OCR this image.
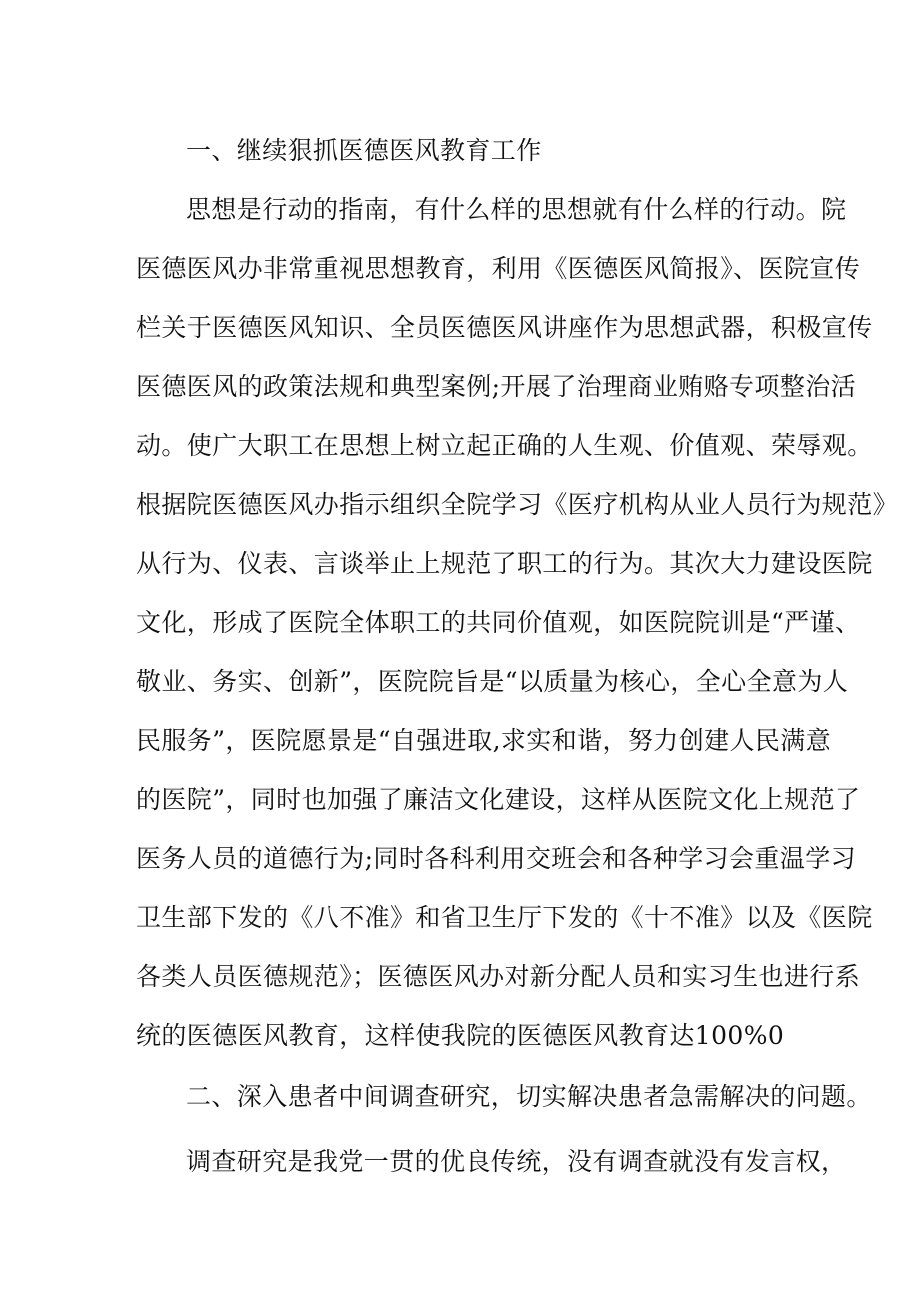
一、继续狠抓医德医风教育工作
思想是行动的指南，有什么样的思想就有什么样的行动。院
医德医风办非常重视思想教育，利用《医德医风简报》、医院宣传
栏关于医德医风知识、全员医德医风讲座作为思想武器，积极宣传
医德医风的政策法规和典型案例;开展了治理商业贿赂专项整治活
动。使广大职工在思想上树立起正确的人生观、价值观、荣辱观。
根据院医德医风办指示组织全院学习《医疗机构从业人员行为规范》
从行为、仪表、言谈举止上规范了职工的行为。其次大力建设医院
文化，形成了医院全体职工的共同价值观，如医院院训是“严谨、
敬业、务实、创新”，医院院旨是“以质量为核心，全心全意为人
民服务”，医院愿景是“自强进取,求实和谐，努力创建人民满意
的医院”，同时也加强了廉洁文化建设，这样从医院文化上规范了
医务人员的道德行为;同时各科利用交班会和各种学习会重温学习
卫生部下发的《八不准》和省卫生厅下发的《十不准》以及《医院
各类人员医德规范》；医德医风办对新分配人员和实习生也进行系
统的医德医风教育，这样使我院的医德医风教育达100%0
二、深入患者中间调查研究，切实解决患者急需解决的问题。
调查研究是我党一贯的优良传统，没有调查就没有发言权，
